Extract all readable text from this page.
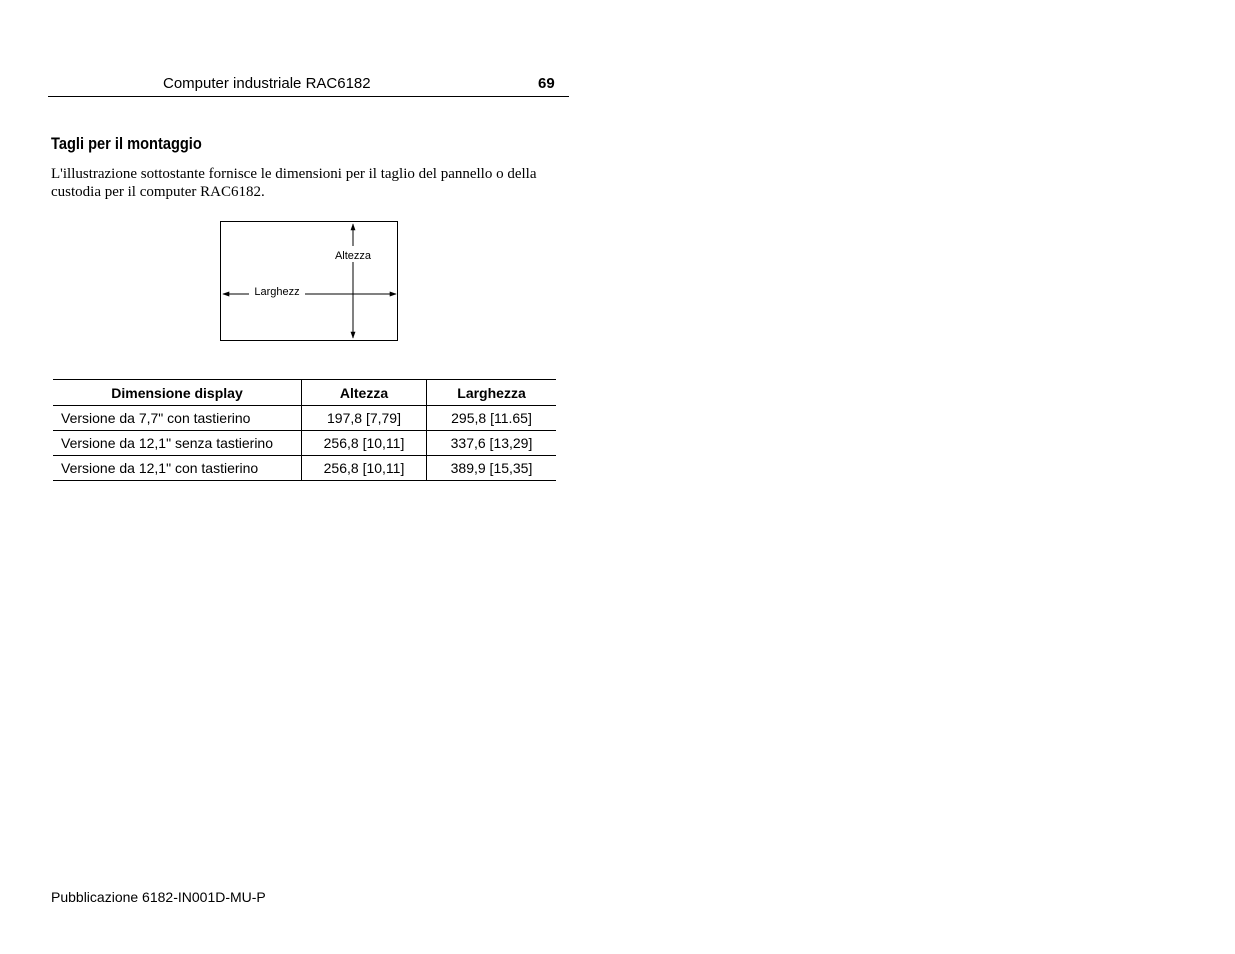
Computer industriale RAC6182	69
Tagli per il montaggio
L'illustrazione sottostante fornisce le dimensioni per il taglio del pannello o della custodia per il computer RAC6182.
Altezza
Larghezz
Dimensione display	Altezza	Larghezza
Versione da 7,7" con tastierino	197,8 [7,79]	295,8 [11.65]
Versione da 12,1" senza tastierino	256,8 [10,11]	337,6 [13,29]
Versione da 12,1" con tastierino	256,8 [10,11]	389,9 [15,35]
Pubblicazione 6182-IN001D-MU-P
